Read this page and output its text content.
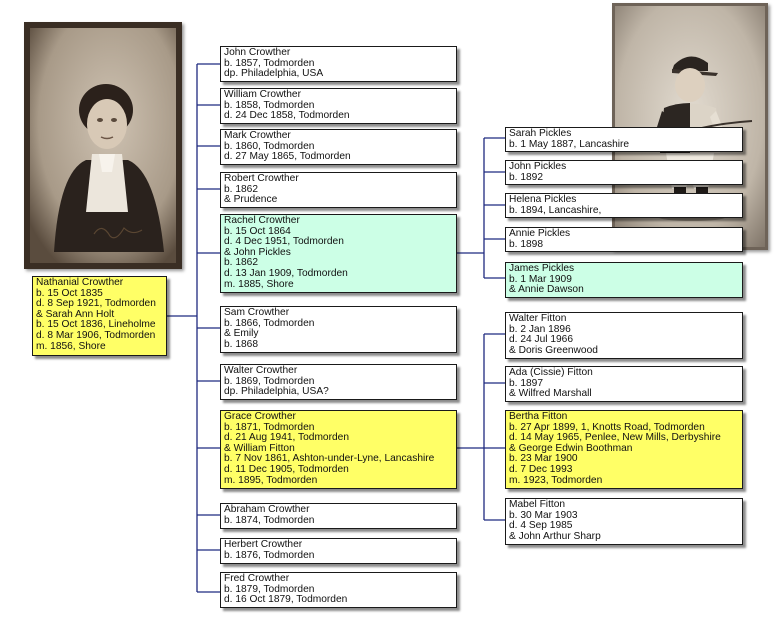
Nathanial Crowther
b. 15 Oct 1835
d. 8 Sep 1921, Todmorden
& Sarah Ann Holt
b. 15 Oct 1836, Lineholme
d. 8 Mar 1906, Todmorden
m. 1856, Shore
John Crowther
b. 1857, Todmorden
dp. Philadelphia, USA
William Crowther
b. 1858, Todmorden
d. 24 Dec 1858, Todmorden
Mark Crowther
b. 1860, Todmorden
d. 27 May 1865, Todmorden
Robert Crowther
b. 1862
& Prudence
Rachel Crowther
b. 15 Oct 1864
d. 4 Dec 1951, Todmorden
& John Pickles
b. 1862
d. 13 Jan 1909, Todmorden
m. 1885, Shore
Sam Crowther
b. 1866, Todmorden
& Emily
b. 1868
Walter Crowther
b. 1869, Todmorden
dp. Philadelphia, USA?
Grace Crowther
b. 1871, Todmorden
d. 21 Aug 1941, Todmorden
& William Fitton
b. 7 Nov 1861, Ashton-under-Lyne, Lancashire
d. 11 Dec 1905, Todmorden
m. 1895, Todmorden
Abraham Crowther
b. 1874, Todmorden
Herbert Crowther
b. 1876, Todmorden
Fred Crowther
b. 1879, Todmorden
d. 16 Oct 1879, Todmorden
Sarah Pickles
b. 1 May 1887, Lancashire
John Pickles
b. 1892
Helena Pickles
b. 1894, Lancashire,
Annie Pickles
b. 1898
James Pickles
b. 1 Mar 1909
& Annie Dawson
Walter Fitton
b. 2 Jan 1896
d. 24 Jul 1966
& Doris Greenwood
Ada (Cissie) Fitton
b. 1897
& Wilfred Marshall
Bertha Fitton
b. 27 Apr 1899, 1, Knotts Road, Todmorden
d. 14 May 1965, Penlee, New Mills, Derbyshire
& George Edwin Boothman
b. 23 Mar 1900
d. 7 Dec 1993
m. 1923, Todmorden
Mabel Fitton
b. 30 Mar 1903
d. 4 Sep 1985
& John Arthur Sharp
